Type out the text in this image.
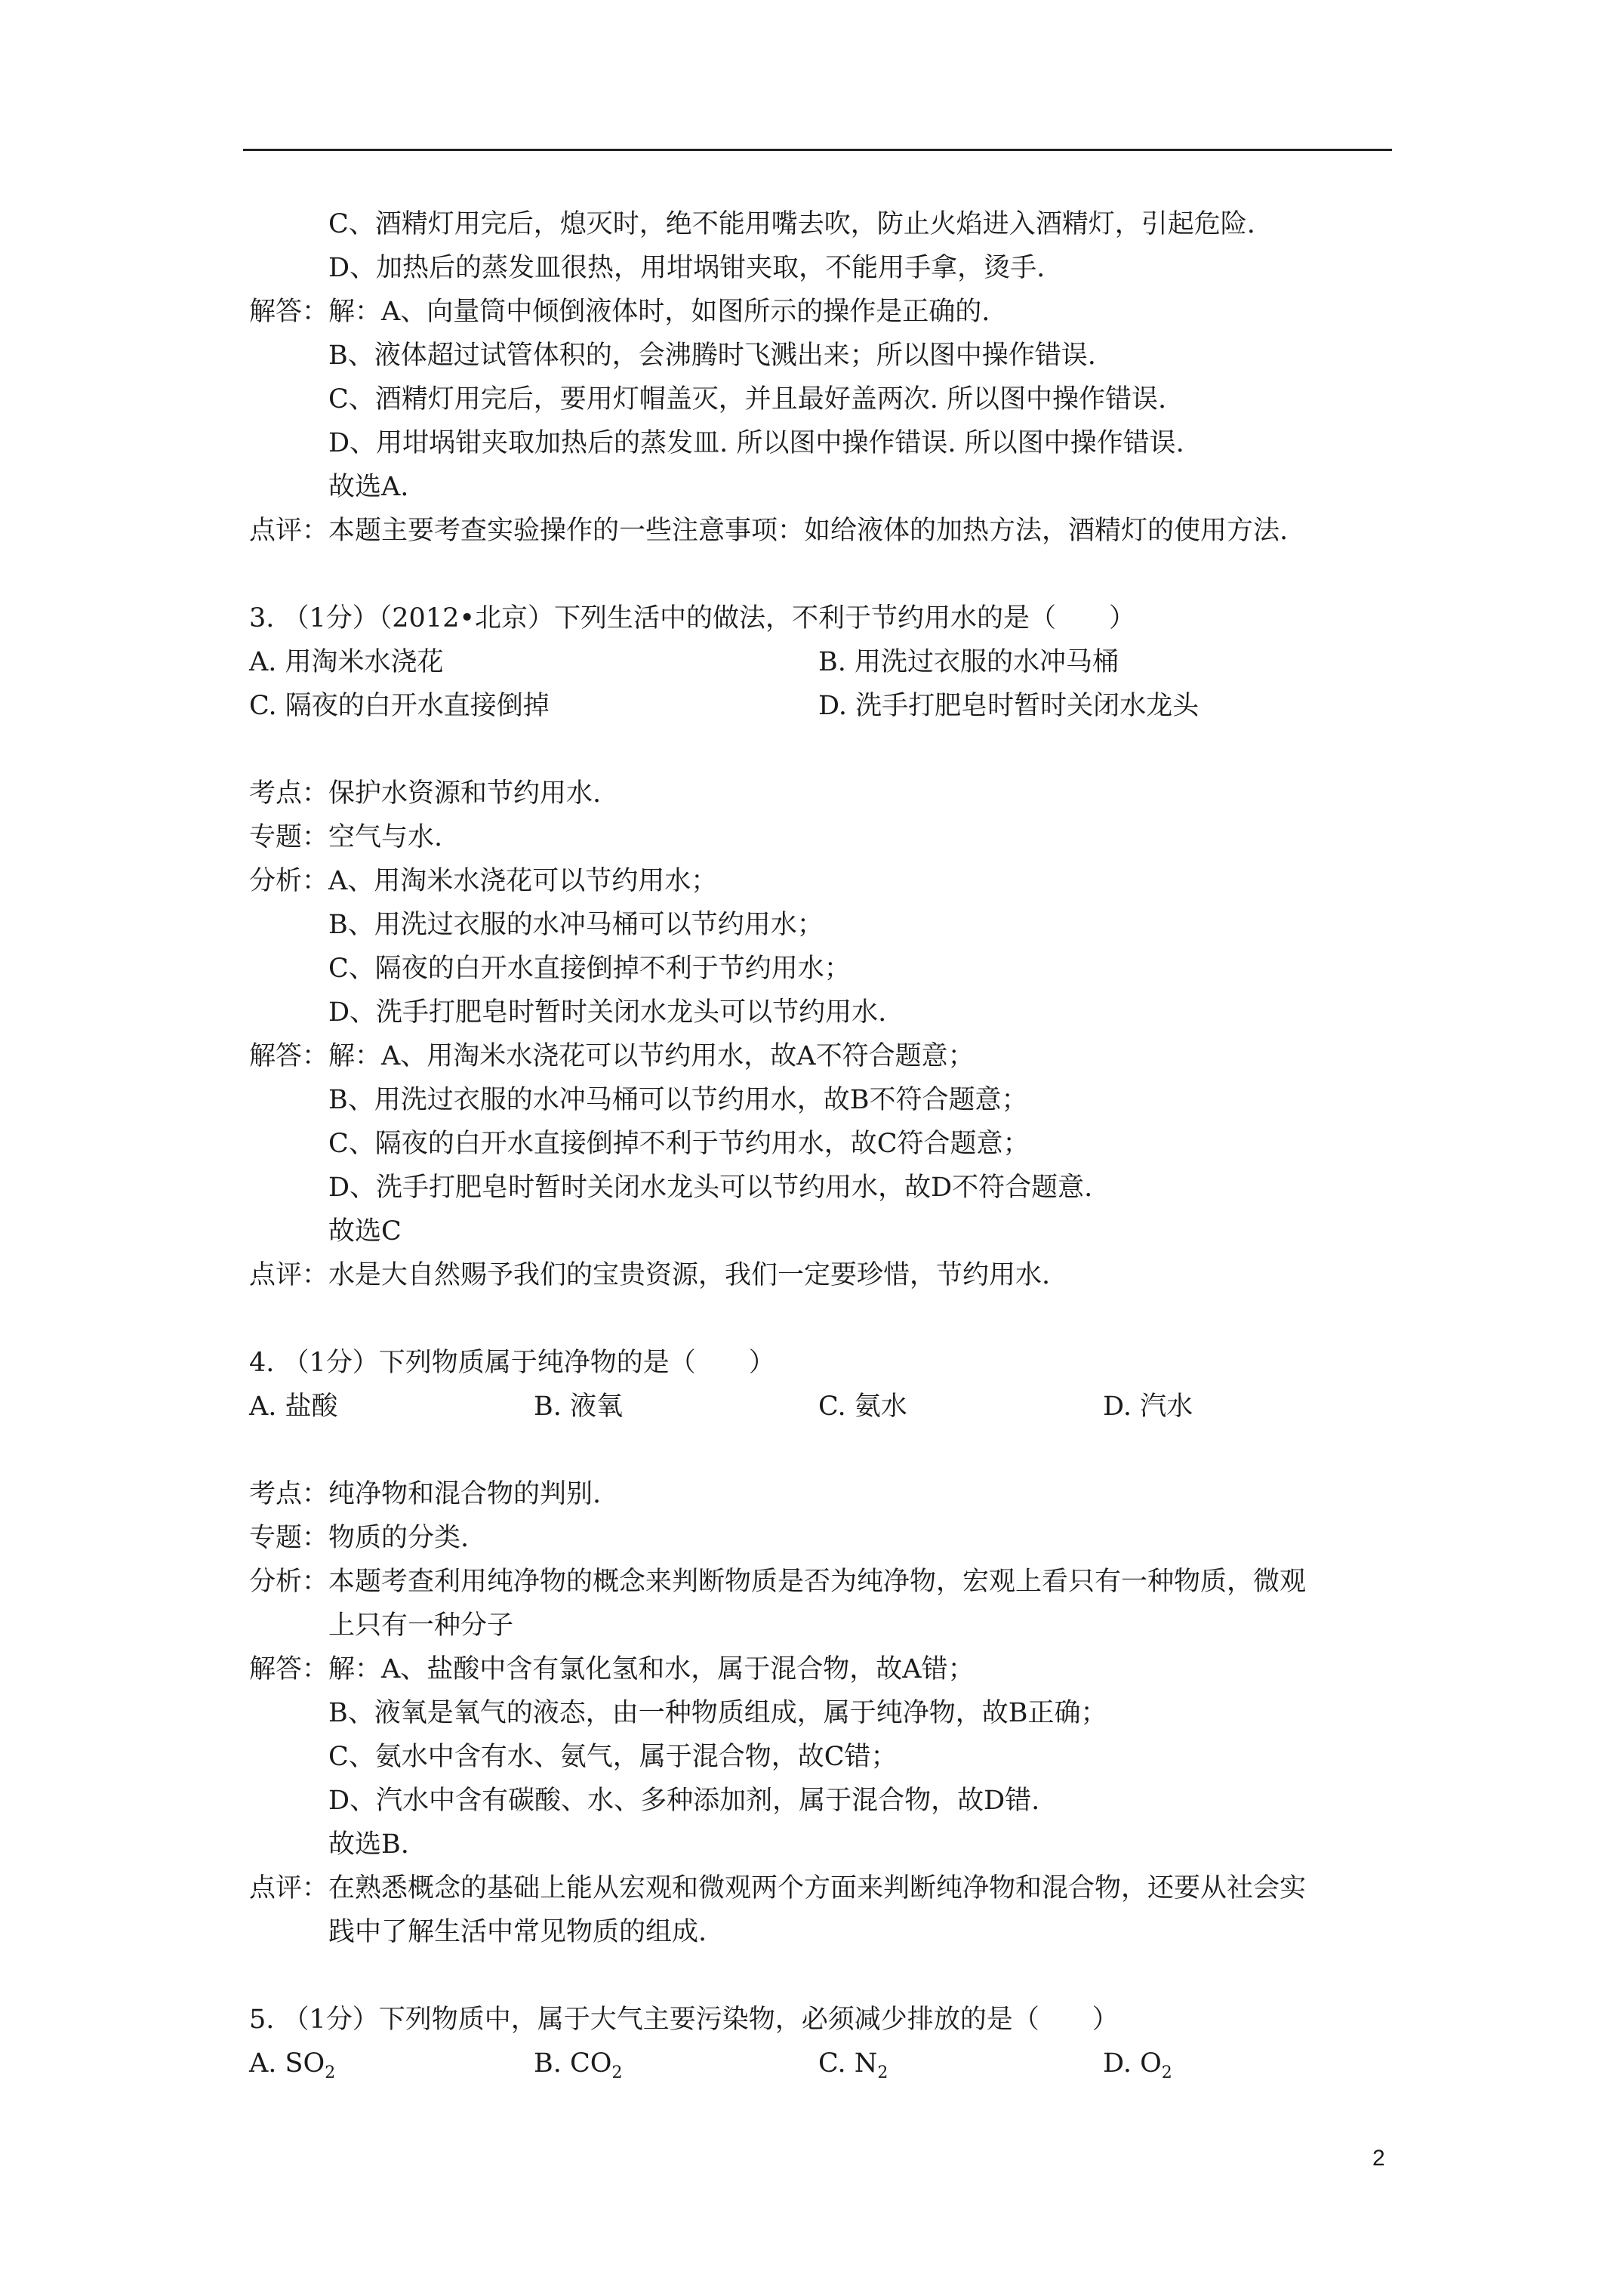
C、酒精灯用完后，熄灭时，绝不能用嘴去吹，防止火焰进入酒精灯，引起危险.
D、加热后的蒸发皿很热，用坩埚钳夹取，不能用手拿，烫手.
解答：解：A、向量筒中倾倒液体时，如图所示的操作是正确的.
B、液体超过试管体积的，会沸腾时飞溅出来；所以图中操作错误.
C、酒精灯用完后，要用灯帽盖灭，并且最好盖两次. 所以图中操作错误.
D、用坩埚钳夹取加热后的蒸发皿. 所以图中操作错误. 所以图中操作错误.
故选A.
点评：本题主要考查实验操作的一些注意事项：如给液体的加热方法，酒精灯的使用方法.
3. （1分）（2012•北京）下列生活中的做法，不利于节约用水的是（　　）
A. 用淘米水浇花	B. 用洗过衣服的水冲马桶
C. 隔夜的白开水直接倒掉	D. 洗手打肥皂时暂时关闭水龙头
考点：保护水资源和节约用水.
专题：空气与水.
分析：A、用淘米水浇花可以节约用水；
B、用洗过衣服的水冲马桶可以节约用水；
C、隔夜的白开水直接倒掉不利于节约用水；
D、洗手打肥皂时暂时关闭水龙头可以节约用水.
解答：解：A、用淘米水浇花可以节约用水，故A不符合题意；
B、用洗过衣服的水冲马桶可以节约用水，故B不符合题意；
C、隔夜的白开水直接倒掉不利于节约用水，故C符合题意；
D、洗手打肥皂时暂时关闭水龙头可以节约用水，故D不符合题意.
故选C
点评：水是大自然赐予我们的宝贵资源，我们一定要珍惜，节约用水.
4. （1分）下列物质属于纯净物的是（　　）
A. 盐酸	B. 液氧	C. 氨水	D. 汽水
考点：纯净物和混合物的判别.
专题：物质的分类.
分析：本题考查利用纯净物的概念来判断物质是否为纯净物，宏观上看只有一种物质，微观
上只有一种分子
解答：解：A、盐酸中含有氯化氢和水，属于混合物，故A错；
B、液氧是氧气的液态，由一种物质组成，属于纯净物，故B正确；
C、氨水中含有水、氨气，属于混合物，故C错；
D、汽水中含有碳酸、水、多种添加剂，属于混合物，故D错.
故选B.
点评：在熟悉概念的基础上能从宏观和微观两个方面来判断纯净物和混合物，还要从社会实
践中了解生活中常见物质的组成.
5. （1分）下列物质中，属于大气主要污染物，必须减少排放的是（　　）
A. $SO_2$	B. $CO_2$	C. $N_2$	D. $O_2$
2
